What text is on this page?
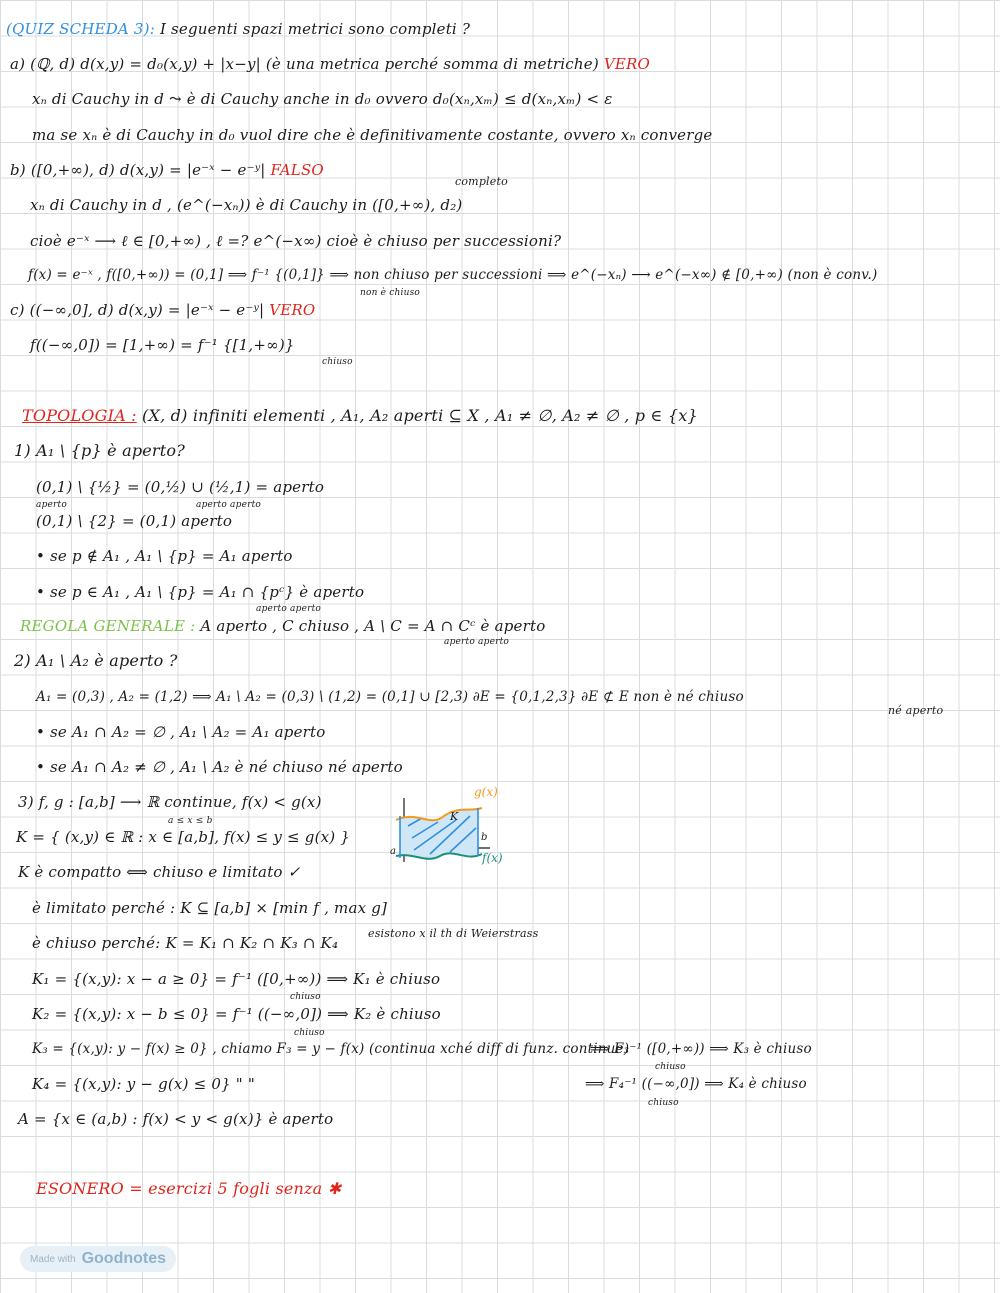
(QUIZ SCHEDA 3): I seguenti spazi metrici sono completi ?
a) (ℚ, d) d(x,y) = d₀(x,y) + |x−y| (è una metrica perché somma di metriche) VERO
xₙ di Cauchy in d ⤳ è di Cauchy anche in d₀ ovvero d₀(xₙ,xₘ) ≤ d(xₙ,xₘ) < ε
ma se xₙ è di Cauchy in d₀ vuol dire che è definitivamente costante, ovvero xₙ converge
b) ([0,+∞), d) d(x,y) = |e⁻ˣ − e⁻ʸ| FALSO
completo
xₙ di Cauchy in d , (e^(−xₙ)) è di Cauchy in ([0,+∞), d₂)
cioè e⁻ˣ ⟶ ℓ ∈ [0,+∞) , ℓ =? e^(−x∞) cioè è chiuso per successioni?
f(x) = e⁻ˣ , f([0,+∞)) = (0,1] ⟹ f⁻¹ {(0,1]} ⟹ non chiuso per successioni ⟹ e^(−xₙ) ⟶ e^(−x∞) ∉ [0,+∞) (non è conv.)
non è chiuso
c) ((−∞,0], d) d(x,y) = |e⁻ˣ − e⁻ʸ| VERO
f((−∞,0]) = [1,+∞) = f⁻¹ {[1,+∞)}
chiuso
TOPOLOGIA : (X, d) infiniti elementi , A₁, A₂ aperti ⊆ X , A₁ ≠ ∅, A₂ ≠ ∅ , p ∈ {x}
1) A₁ \ {p} è aperto?
(0,1) \ {½} = (0,½) ∪ (½,1) = aperto
aperto	aperto aperto
(0,1) \ {2} = (0,1) aperto
• se p ∉ A₁ , A₁ \ {p} = A₁ aperto
• se p ∈ A₁ , A₁ \ {p} = A₁ ∩ {pᶜ} è aperto
aperto aperto
REGOLA GENERALE : A aperto , C chiuso , A \ C = A ∩ Cᶜ è aperto
aperto aperto
2) A₁ \ A₂ è aperto ?
A₁ = (0,3) , A₂ = (1,2) ⟹ A₁ \ A₂ = (0,3) \ (1,2) = (0,1] ∪ [2,3) ∂E = {0,1,2,3} ∂E ⊄ E non è né chiuso
né aperto
• se A₁ ∩ A₂ = ∅ , A₁ \ A₂ = A₁ aperto
• se A₁ ∩ A₂ ≠ ∅ , A₁ \ A₂ è né chiuso né aperto
3) f, g : [a,b] ⟶ ℝ continue, f(x) < g(x)
a ≤ x ≤ b
K = { (x,y) ∈ ℝ : x ∈ [a,b], f(x) ≤ y ≤ g(x) }
K è compatto ⟺ chiuso e limitato ✓
è limitato perché : K ⊆ [a,b] × [min f , max g]
esistono x il th di Weierstrass
è chiuso perché: K = K₁ ∩ K₂ ∩ K₃ ∩ K₄
K₁ = {(x,y): x − a ≥ 0} = f⁻¹ ([0,+∞)) ⟹ K₁ è chiuso
chiuso
K₂ = {(x,y): x − b ≤ 0} = f⁻¹ ((−∞,0]) ⟹ K₂ è chiuso
chiuso
K₃ = {(x,y): y − f(x) ≥ 0} , chiamo F₃ = y − f(x) (continua xché diff di funz. continue)
⟹ F₃⁻¹ ([0,+∞)) ⟹ K₃ è chiuso
chiuso
K₄ = {(x,y): y − g(x) ≤ 0} " "	⟹ F₄⁻¹ ((−∞,0]) ⟹ K₄ è chiuso
chiuso
A = {x ∈ (a,b) : f(x) < y < g(x)} è aperto
g(x)
f(x)
K
a
b
ESONERO = esercizi 5 fogli senza ✱
Made with Goodnotes
